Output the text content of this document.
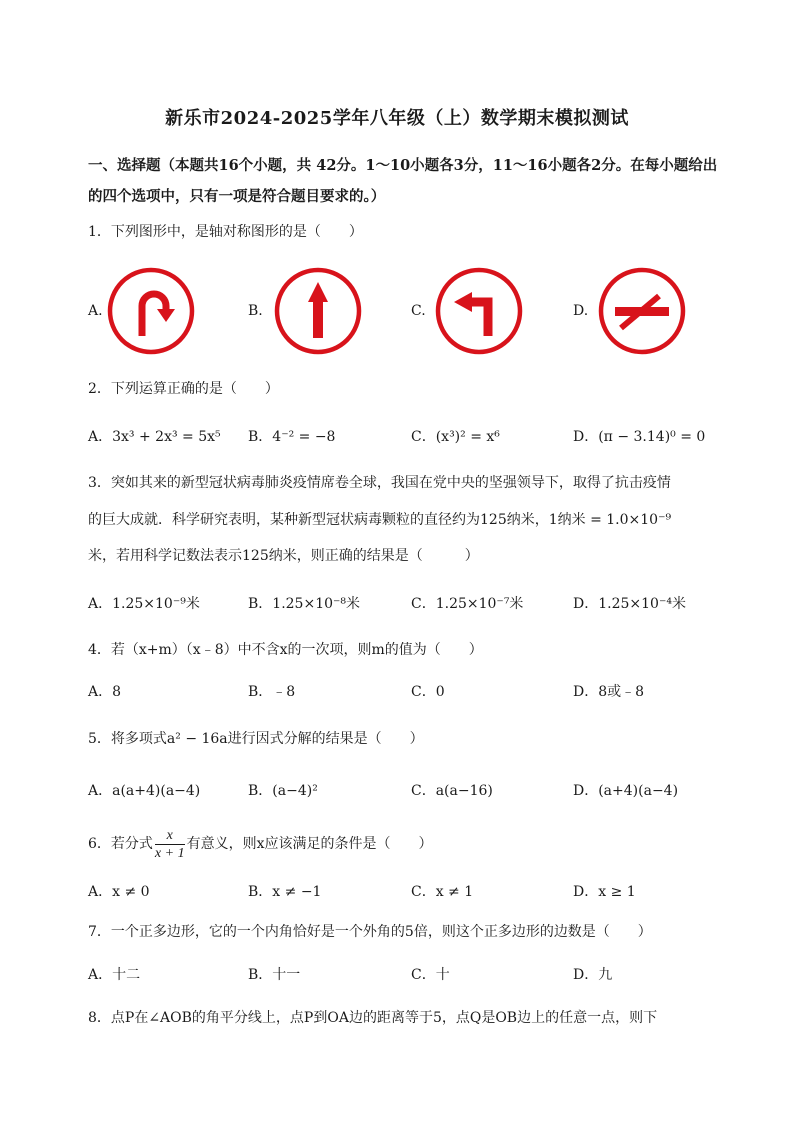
新乐市2024-2025学年八年级（上）数学期末模拟测试
一、选择题（本题共16个小题，共 42分。1～10小题各3分，11～16小题各2分。在每小题给出的四个选项中，只有一项是符合题目要求的。）
1．下列图形中，是轴对称图形的是（　　）
A.	B.	C.	D.
2．下列运算正确的是（　　）
A．3x³ + 2x³ = 5x⁵ B．4⁻² = −8	C．(x³)² = x⁶	D．(π − 3.14)⁰ = 0
3．突如其来的新型冠状病毒肺炎疫情席卷全球，我国在党中央的坚强领导下，取得了抗击疫情
的巨大成就．科学研究表明，某种新型冠状病毒颗粒的直径约为125纳米，1纳米 = 1.0×10⁻⁹
米，若用科学记数法表示125纳米，则正确的结果是（　　　）
A．1.25×10⁻⁹米	B．1.25×10⁻⁸米	C．1.25×10⁻⁷米	D．1.25×10⁻⁴米
4．若（x+m）（x﹣8）中不含x的一次项，则m的值为（　　）
A．8	B．﹣8	C．0	D．8或﹣8
5．将多项式a² − 16a进行因式分解的结果是（　　）
A．a(a+4)(a−4)	B．(a−4)²	C．a(a−16)	D．(a+4)(a−4)
6．若分式 $\frac{x}{x + 1}$ 有意义，则x应该满足的条件是（　　）
A．x ≠ 0	B．x ≠ −1	C．x ≠ 1	D．x ≥ 1
7．一个正多边形，它的一个内角恰好是一个外角的5倍，则这个正多边形的边数是（　　）
A．十二	B．十一	C．十	D．九
8．点P在∠AOB的角平分线上，点P到OA边的距离等于5，点Q是OB边上的任意一点，则下
